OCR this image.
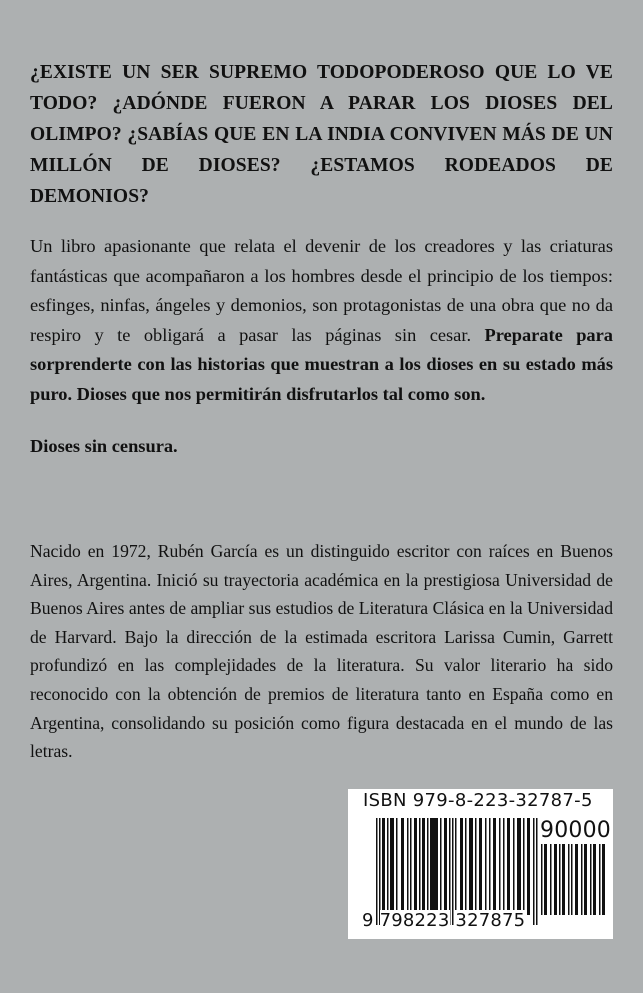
¿EXISTE UN SER SUPREMO TODOPODEROSO QUE LO VE TODO? ¿ADÓNDE FUERON A PARAR LOS DIOSES DEL OLIMPO? ¿SABÍAS QUE EN LA INDIA CONVIVEN MÁS DE UN MILLÓN DE DIOSES? ¿ESTAMOS RODEADOS DE DEMONIOS?
Un libro apasionante que relata el devenir de los creadores y las criaturas fantásticas que acompañaron a los hombres desde el principio de los tiempos: esfinges, ninfas, ángeles y demonios, son protagonistas de una obra que no da respiro y te obligará a pasar las páginas sin cesar. Preparate para sorprenderte con las historias que muestran a los dioses en su estado más puro. Dioses que nos permitirán disfrutarlos tal como son.
Dioses sin censura.
Nacido en 1972, Rubén García es un distinguido escritor con raíces en Buenos Aires, Argentina. Inició su trayectoria académica en la prestigiosa Universidad de Buenos Aires antes de ampliar sus estudios de Literatura Clásica en la Universidad de Harvard. Bajo la dirección de la estimada escritora Larissa Cumin, Garrett profundizó en las complejidades de la literatura. Su valor literario ha sido reconocido con la obtención de premios de literatura tanto en España como en Argentina, consolidando su posición como figura destacada en el mundo de las letras.
ISBN 979-8-223-32787-5
90000
9 798223 327875
